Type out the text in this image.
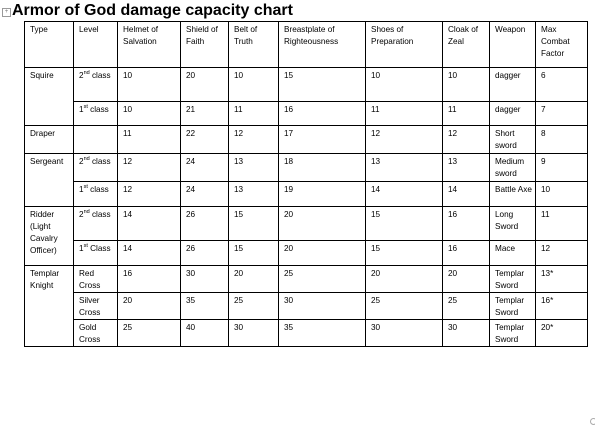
+ Armor of God damage capacity chart
Type	Level	Helmet of Salvation	Shield of Faith	Belt of Truth	Breastplate of Righteousness	Shoes of Preparation	Cloak of Zeal	Weapon	Max Combat Factor
Squire	2nd class	10	20	10	15	10	10	dagger	6
	1st class	10	21	11	16	11	11	dagger	7
Draper		11	22	12	17	12	12	Short sword	8
Sergeant	2nd class	12	24	13	18	13	13	Medium sword	9
	1st class	12	24	13	19	14	14	Battle Axe	10
Ridder (Light Cavalry Officer)	2nd class	14	26	15	20	15	16	Long Sword	11
	1st Class	14	26	15	20	15	16	Mace	12
Templar Knight	Red Cross	16	30	20	25	20	20	Templar Sword	13*
	Silver Cross	20	35	25	30	25	25	Templar Sword	16*
	Gold Cross	25	40	30	35	30	30	Templar Sword	20*
